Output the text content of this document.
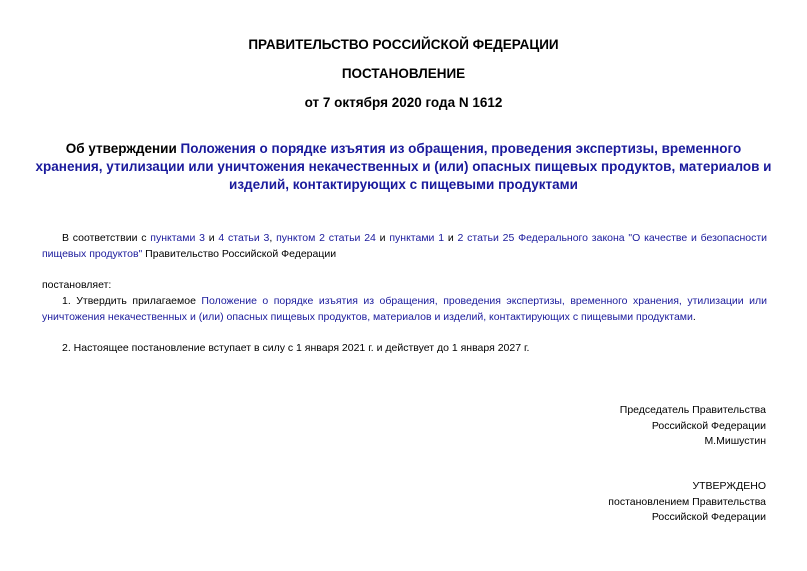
ПРАВИТЕЛЬСТВО РОССИЙСКОЙ ФЕДЕРАЦИИ
ПОСТАНОВЛЕНИЕ
от 7 октября 2020 года N 1612
Об утверждении Положения о порядке изъятия из обращения, проведения экспертизы, временного хранения, утилизации или уничтожения некачественных и (или) опасных пищевых продуктов, материалов и изделий, контактирующих с пищевыми продуктами
В соответствии с пунктами 3 и 4 статьи 3, пунктом 2 статьи 24 и пунктами 1 и 2 статьи 25 Федерального закона "О качестве и безопасности пищевых продуктов" Правительство Российской Федерации
постановляет:
1. Утвердить прилагаемое Положение о порядке изъятия из обращения, проведения экспертизы, временного хранения, утилизации или уничтожения некачественных и (или) опасных пищевых продуктов, материалов и изделий, контактирующих с пищевыми продуктами.
2. Настоящее постановление вступает в силу с 1 января 2021 г. и действует до 1 января 2027 г.
Председатель Правительства
Российской Федерации
М.Мишустин
УТВЕРЖДЕНО
постановлением Правительства
Российской Федерации
